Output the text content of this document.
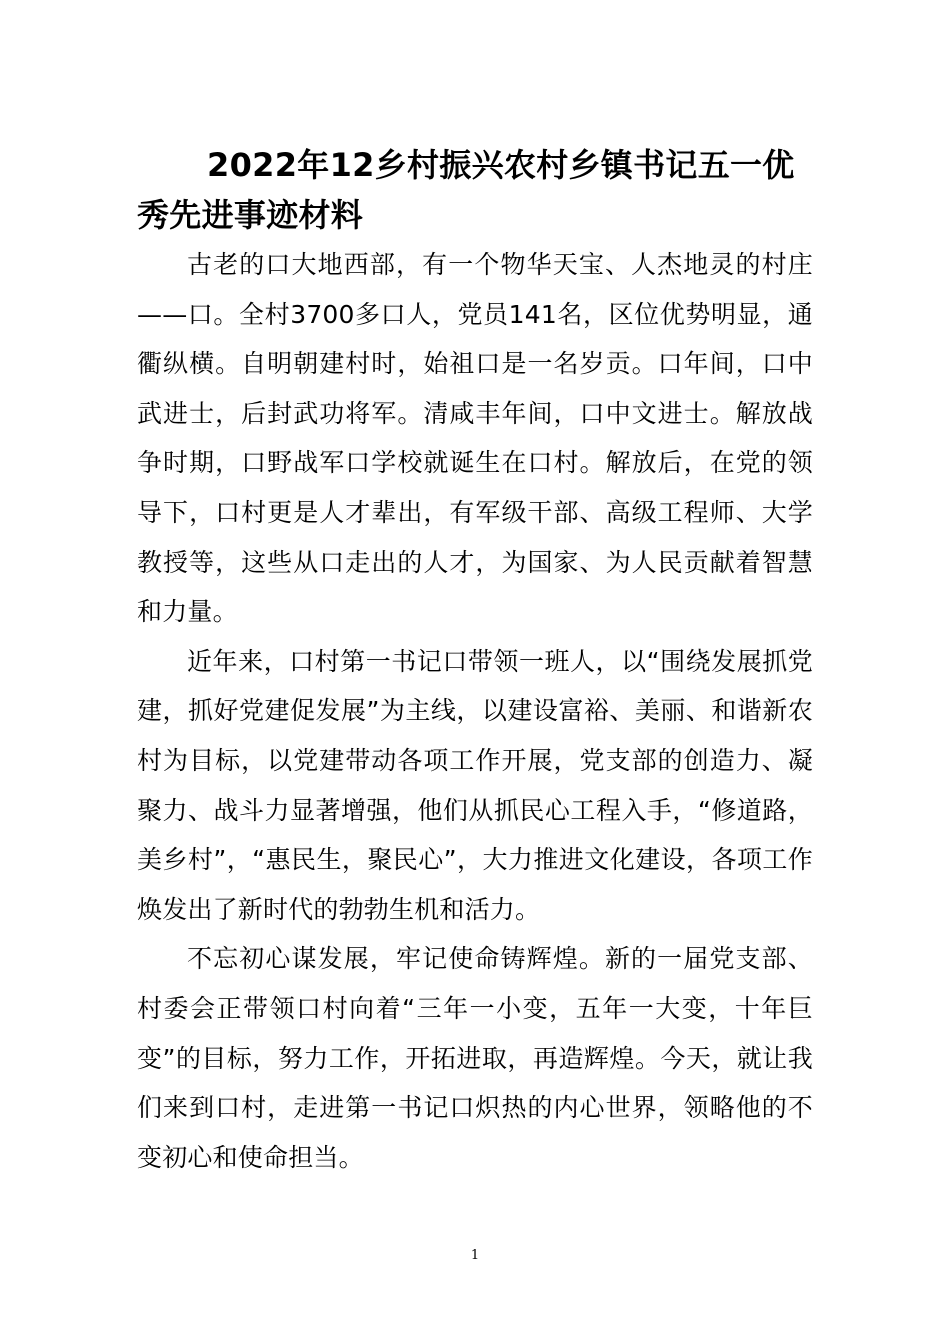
2022年12乡村振兴农村乡镇书记五一优秀先进事迹材料

古老的口大地西部，有一个物华天宝、人杰地灵的村庄——口。全村3700多口人，党员141名，区位优势明显，通衢纵横。自明朝建村时，始祖口是一名岁贡。口年间，口中武进士，后封武功将军。清咸丰年间，口中文进士。解放战争时期，口野战军口学校就诞生在口村。解放后，在党的领导下，口村更是人才辈出，有军级干部、高级工程师、大学教授等，这些从口走出的人才，为国家、为人民贡献着智慧和力量。

近年来，口村第一书记口带领一班人，以“围绕发展抓党建，抓好党建促发展”为主线，以建设富裕、美丽、和谐新农村为目标，以党建带动各项工作开展，党支部的创造力、凝聚力、战斗力显著增强，他们从抓民心工程入手，“修道路，美乡村”，“惠民生，聚民心”，大力推进文化建设，各项工作焕发出了新时代的勃勃生机和活力。

不忘初心谋发展，牢记使命铸辉煌。新的一届党支部、村委会正带领口村向着“三年一小变，五年一大变，十年巨变”的目标，努力工作，开拓进取，再造辉煌。今天，就让我们来到口村，走进第一书记口炽热的内心世界，领略他的不变初心和使命担当。

1
